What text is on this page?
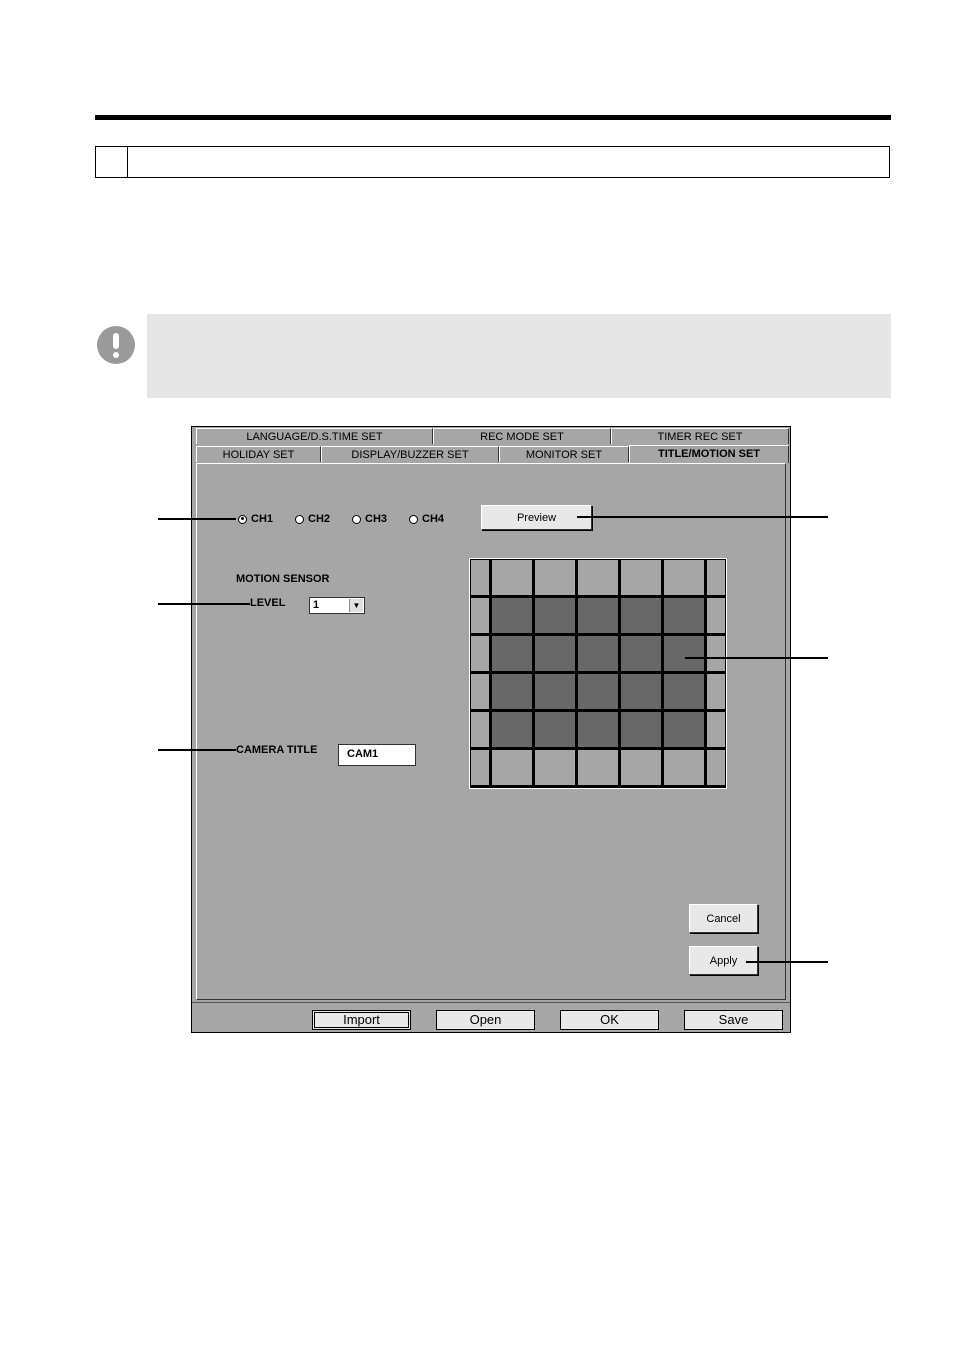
LANGUAGE/D.S.TIME SET	REC MODE SET	TIMER REC SET
HOLIDAY SET	DISPLAY/BUZZER SET	MONITOR SET	TITLE/MOTION SET
CH1	CH2	CH3	CH4	Preview
MOTION SENSOR
LEVEL	1	▼
CAMERA TITLE	CAM1
Cancel
Apply
Import	Open	OK	Save
